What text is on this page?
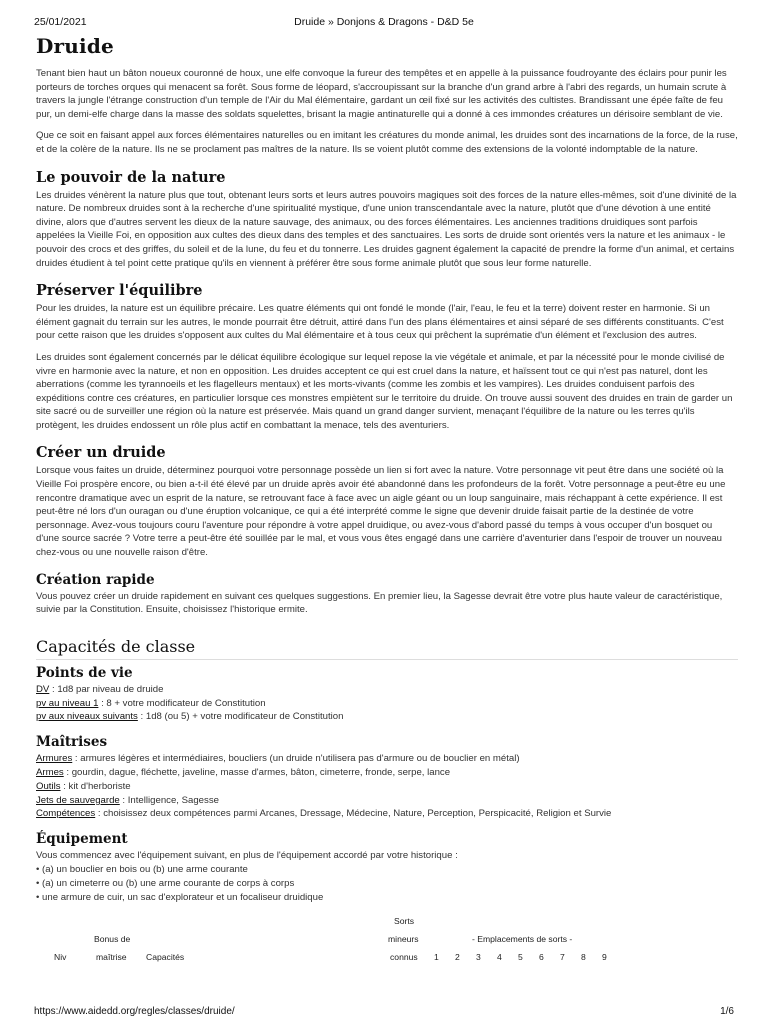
25/01/2021	Druide » Donjons & Dragons - D&D 5e
Druide

Tenant bien haut un bâton noueux couronné de houx, une elfe convoque la fureur des tempêtes et en appelle à la puissance foudroyante des éclairs pour punir les porteurs de torches orques qui menacent sa forêt. Sous forme de léopard, s'accroupissant sur la branche d'un grand arbre à l'abri des regards, un humain scrute à travers la jungle l'étrange construction d'un temple de l'Air du Mal élémentaire, gardant un œil fixé sur les activités des cultistes. Brandissant une épée faîte de feu pur, un demi-elfe charge dans la masse des soldats squelettes, brisant la magie antinaturelle qui a donné à ces immondes créatures un dérisoire semblant de vie.

Que ce soit en faisant appel aux forces élémentaires naturelles ou en imitant les créatures du monde animal, les druides sont des incarnations de la force, de la ruse, et de la colère de la nature. Ils ne se proclament pas maîtres de la nature. Ils se voient plutôt comme des extensions de la volonté indomptable de la nature.

Le pouvoir de la nature

Les druides vénèrent la nature plus que tout, obtenant leurs sorts et leurs autres pouvoirs magiques soit des forces de la nature elles-mêmes, soit d'une divinité de la nature. De nombreux druides sont à la recherche d'une spiritualité mystique, d'une union transcendantale avec la nature, plutôt que d'une dévotion à une entité divine, alors que d'autres servent les dieux de la nature sauvage, des animaux, ou des forces élémentaires. Les anciennes traditions druidiques sont parfois appelées la Vieille Foi, en opposition aux cultes des dieux dans des temples et des sanctuaires. Les sorts de druide sont orientés vers la nature et les animaux - le pouvoir des crocs et des griffes, du soleil et de la lune, du feu et du tonnerre. Les druides gagnent également la capacité de prendre la forme d'un animal, et certains druides étudient à tel point cette pratique qu'ils en viennent à préférer être sous forme animale plutôt que sous leur forme naturelle.

Préserver l'équilibre

Pour les druides, la nature est un équilibre précaire. Les quatre éléments qui ont fondé le monde (l'air, l'eau, le feu et la terre) doivent rester en harmonie. Si un élément gagnait du terrain sur les autres, le monde pourrait être détruit, attiré dans l'un des plans élémentaires et ainsi séparé de ses différents constituants. C'est pour cette raison que les druides s'opposent aux cultes du Mal élémentaire et à tous ceux qui prêchent la suprématie d'un élément et l'exclusion des autres.

Les druides sont également concernés par le délicat équilibre écologique sur lequel repose la vie végétale et animale, et par la nécessité pour le monde civilisé de vivre en harmonie avec la nature, et non en opposition. Les druides acceptent ce qui est cruel dans la nature, et haïssent tout ce qui n'est pas naturel, dont les aberrations (comme les tyrannoeils et les flagelleurs mentaux) et les morts-vivants (comme les zombis et les vampires). Les druides conduisent parfois des expéditions contre ces créatures, en particulier lorsque ces monstres empiètent sur le territoire du druide. On trouve aussi souvent des druides en train de garder un site sacré ou de surveiller une région où la nature est préservée. Mais quand un grand danger survient, menaçant l'équilibre de la nature ou les terres qu'ils protègent, les druides endossent un rôle plus actif en combattant la menace, tels des aventuriers.

Créer un druide

Lorsque vous faites un druide, déterminez pourquoi votre personnage possède un lien si fort avec la nature. Votre personnage vit peut être dans une société où la Vieille Foi prospère encore, ou bien a-t-il été élevé par un druide après avoir été abandonné dans les profondeurs de la forêt. Votre personnage a peut-être eu une rencontre dramatique avec un esprit de la nature, se retrouvant face à face avec un aigle géant ou un loup sanguinaire, mais réchappant à cette expérience. Il est peut-être né lors d'un ouragan ou d'une éruption volcanique, ce qui a été interprété comme le signe que devenir druide faisait partie de la destinée de votre personnage. Avez-vous toujours couru l'aventure pour répondre à votre appel druidique, ou avez-vous d'abord passé du temps à vous occuper d'un bosquet ou d'une source sacrée ? Votre terre a peut-être été souillée par le mal, et vous vous êtes engagé dans une carrière d'aventurier dans l'espoir de trouver un nouveau chez-vous ou une nouvelle raison d'être.

Création rapide

Vous pouvez créer un druide rapidement en suivant ces quelques suggestions. En premier lieu, la Sagesse devrait être votre plus haute valeur de caractéristique, suivie par la Constitution. Ensuite, choisissez l'historique ermite.

Capacités de classe
Points de vie
DV : 1d8 par niveau de druide
pv au niveau 1 : 8 + votre modificateur de Constitution
pv aux niveaux suivants : 1d8 (ou 5) + votre modificateur de Constitution
Maîtrises
Armures : armures légères et intermédiaires, boucliers (un druide n'utilisera pas d'armure ou de bouclier en métal)
Armes : gourdin, dague, fléchette, javeline, masse d'armes, bâton, cimeterre, fronde, serpe, lance
Outils : kit d'herboriste
Jets de sauvegarde : Intelligence, Sagesse
Compétences : choisissez deux compétences parmi Arcanes, Dressage, Médecine, Nature, Perception, Perspicacité, Religion et Survie
Équipement
Vous commencez avec l'équipement suivant, en plus de l'équipement accordé par votre historique :
• (a) un bouclier en bois ou (b) une arme courante
• (a) un cimeterre ou (b) une arme courante de corps à corps
• une armure de cuir, un sac d'explorateur et un focaliseur druidique
Sorts
Bonus de	mineurs	- Emplacements de sorts -
Niv	maîtrise Capacités	connus 1 2 3 4 5 6 7 8 9
https://www.aidedd.org/regles/classes/druide/	1/6
